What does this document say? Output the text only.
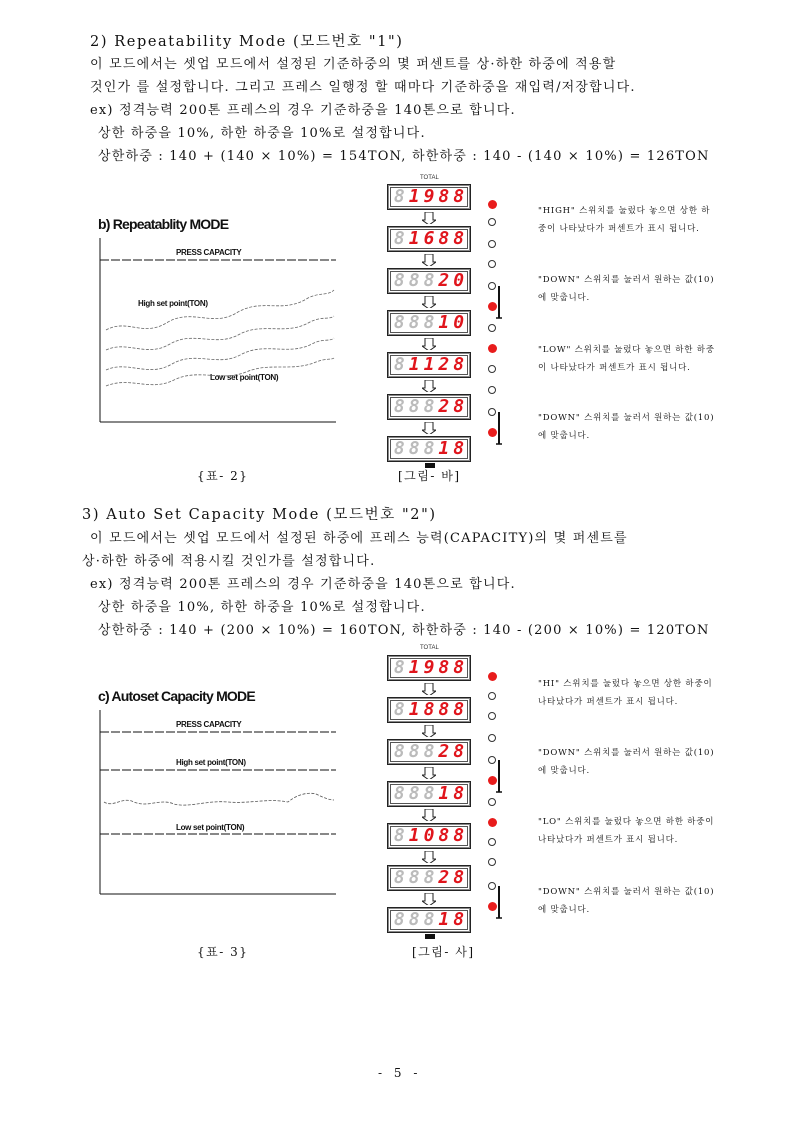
2) Repeatability Mode (모드번호 "1")
이 모드에서는 셋업 모드에서 설정된 기준하중의 몇 퍼센트를 상·하한 하중에 적용할
것인가 를 설정합니다. 그리고 프레스 일행정 할 때마다 기준하중을 재입력/저장합니다.
ex) 정격능력 200톤 프레스의 경우 기준하중을 140톤으로 합니다.
상한 하중을 10%, 하한 하중을 10%로 설정합니다.
상한하중 : 140 + (140 × 10%) = 154TON, 하한하중 : 140 - (140 × 10%) = 126TON
b) Repeatablity MODE
PRESS CAPACITY
High set point(TON)
Low set point(TON)
TOTAL
8 1 9 8 8
8 1 6 8 8
8 8 8 2 0
8 8 8 1 0
8 1 1 2 8
8 8 8 2 8
8 8 8 1 8
"HIGH" 스위치를 눌렀다 놓으면 상한 하중이 나타났다가 퍼센트가 표시 됩니다.
"DOWN" 스위치를 눌러서 원하는 값(10)에 맞춥니다.
"LOW" 스위치를 눌렀다 놓으면 하한 하중이 나타났다가 퍼센트가 표시 됩니다.
"DOWN" 스위치를 눌러서 원하는 값(10)에 맞춥니다.
{표- 2}	[그림- 바]
3) Auto Set Capacity Mode (모드번호 "2")
이 모드에서는 셋업 모드에서 설정된 하중에 프레스 능력(CAPACITY)의 몇 퍼센트를
상·하한 하중에 적용시킬 것인가를 설정합니다.
ex) 정격능력 200톤 프레스의 경우 기준하중을 140톤으로 합니다.
상한 하중을 10%, 하한 하중을 10%로 설정합니다.
상한하중 : 140 + (200 × 10%) = 160TON, 하한하중 : 140 - (200 × 10%) = 120TON
c) Autoset Capacity MODE
PRESS CAPACITY
High set point(TON)
Low set point(TON)
TOTAL
8 1 9 8 8
8 1 8 8 8
8 8 8 2 8
8 8 8 1 8
8 1 0 8 8
8 8 8 2 8
8 8 8 1 8
"HI" 스위치를 눌렀다 놓으면 상한 하중이 나타났다가 퍼센트가 표시 됩니다.
"DOWN" 스위치를 눌러서 원하는 값(10)에 맞춥니다.
"LO" 스위치를 눌렀다 놓으면 하한 하중이 나타났다가 퍼센트가 표시 됩니다.
"DOWN" 스위치를 눌러서 원하는 값(10)에 맞춥니다.
{표- 3}	[그림- 사]
- 5 -
